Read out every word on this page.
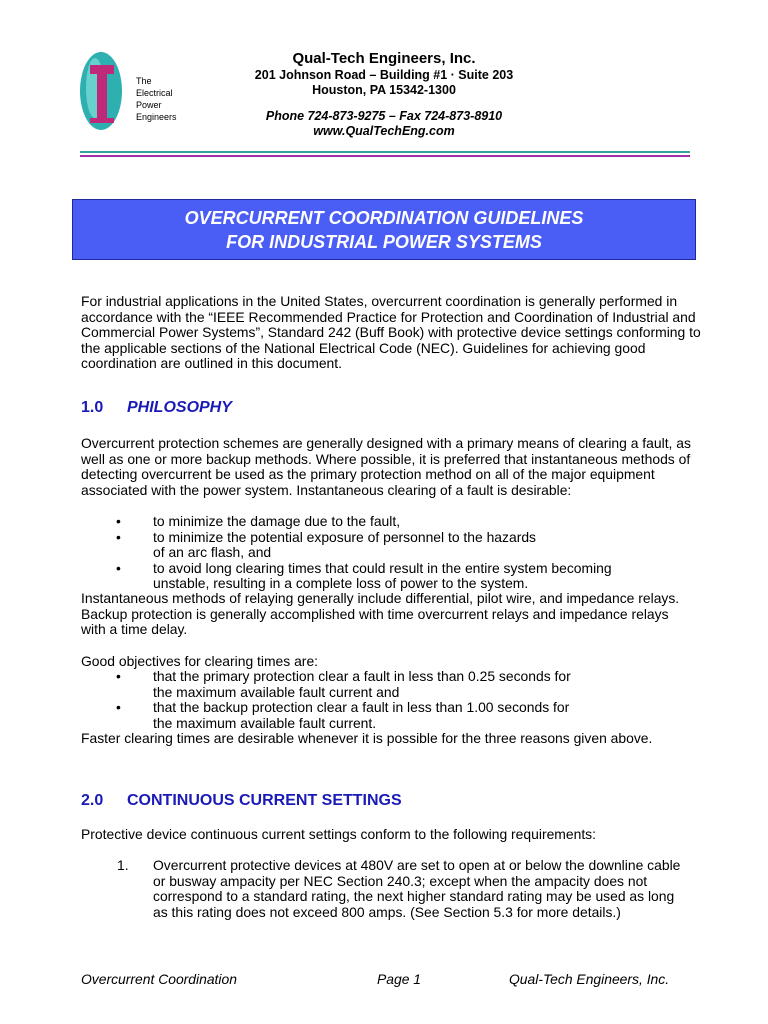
The
Electrical
Power
Engineers
Qual-Tech Engineers, Inc.
201 Johnson Road – Building #1 · Suite 203
Houston, PA 15342-1300
Phone 724-873-9275 – Fax 724-873-8910
www.QualTechEng.com
OVERCURRENT COORDINATION GUIDELINES
FOR INDUSTRIAL POWER SYSTEMS

For industrial applications in the United States, overcurrent coordination is generally performed in accordance with the “IEEE Recommended Practice for Protection and Coordination of Industrial and Commercial Power Systems”, Standard 242 (Buff Book) with protective device settings conforming to the applicable sections of the National Electrical Code (NEC). Guidelines for achieving good coordination are outlined in this document.

1.0 PHILOSOPHY

Overcurrent protection schemes are generally designed with a primary means of clearing a fault, as well as one or more backup methods. Where possible, it is preferred that instantaneous methods of detecting overcurrent be used as the primary protection method on all of the major equipment associated with the power system. Instantaneous clearing of a fault is desirable:

• to minimize the damage due to the fault,
• to minimize the potential exposure of personnel to the hazards of an arc flash, and
• to avoid long clearing times that could result in the entire system becoming unstable, resulting in a complete loss of power to the system.

Instantaneous methods of relaying generally include differential, pilot wire, and impedance relays. Backup protection is generally accomplished with time overcurrent relays and impedance relays with a time delay.

Good objectives for clearing times are:

• that the primary protection clear a fault in less than 0.25 seconds for the maximum available fault current and
• that the backup protection clear a fault in less than 1.00 seconds for the maximum available fault current.

Faster clearing times are desirable whenever it is possible for the three reasons given above.

2.0 CONTINUOUS CURRENT SETTINGS

Protective device continuous current settings conform to the following requirements:

1. Overcurrent protective devices at 480V are set to open at or below the downline cable or busway ampacity per NEC Section 240.3; except when the ampacity does not correspond to a standard rating, the next higher standard rating may be used as long as this rating does not exceed 800 amps. (See Section 5.3 for more details.)
Overcurrent Coordination	Page 1	Qual-Tech Engineers, Inc.
